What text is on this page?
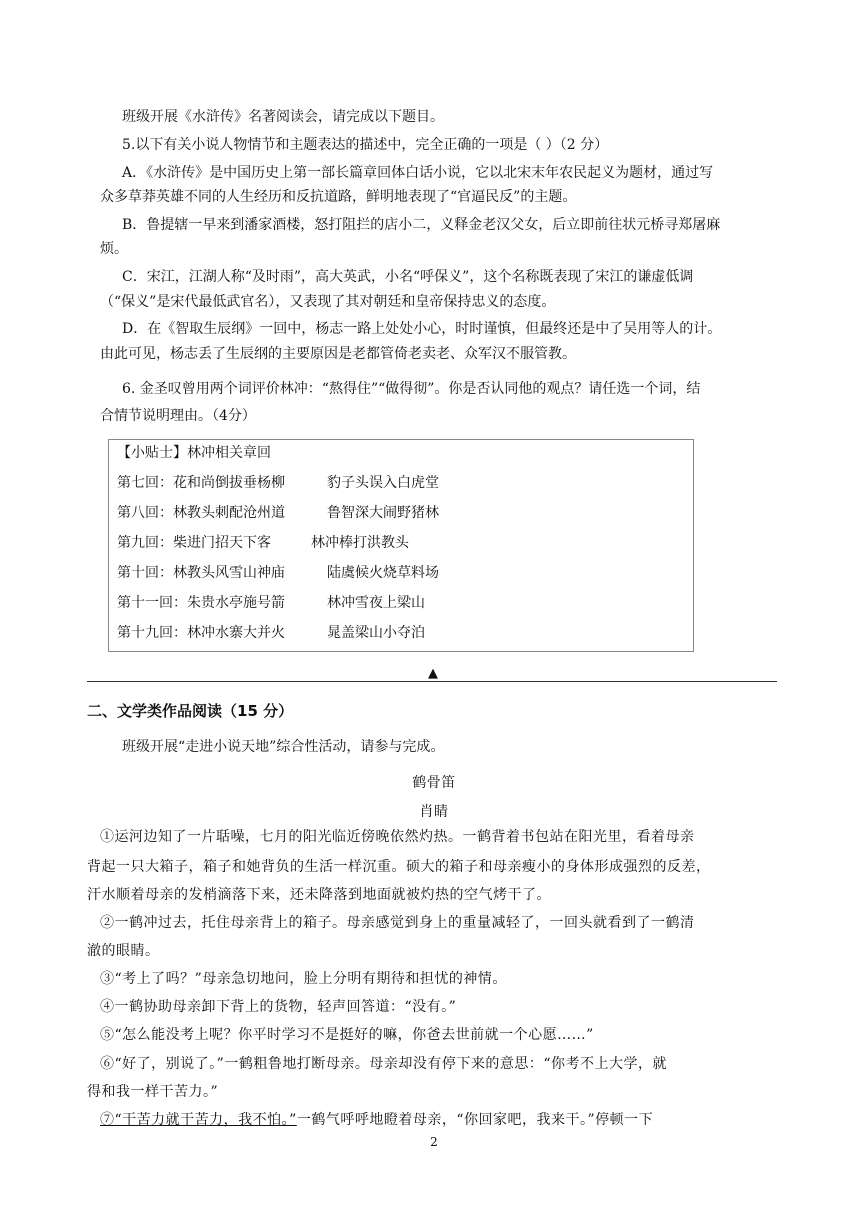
班级开展《水浒传》名著阅读会，请完成以下题目。
5.以下有关小说人物情节和主题表达的描述中，完全正确的一项是（ ）（2 分）
A．《水浒传》是中国历史上第一部长篇章回体白话小说，它以北宋末年农民起义为题材，通过写
众多草莽英雄不同的人生经历和反抗道路，鲜明地表现了“官逼民反”的主题。
B．鲁提辖一早来到潘家酒楼，怒打阻拦的店小二，义释金老汉父女，后立即前往状元桥寻郑屠麻
烦。
C．宋江，江湖人称“及时雨”，高大英武，小名“呼保义”，这个名称既表现了宋江的谦虚低调
（“保义”是宋代最低武官名），又表现了其对朝廷和皇帝保持忠义的态度。
D．在《智取生辰纲》一回中，杨志一路上处处小心，时时谨慎，但最终还是中了吴用等人的计。
由此可见，杨志丢了生辰纲的主要原因是老都管倚老卖老、众军汉不服管教。
6. 金圣叹曾用两个词评价林冲：“熬得住”“做得彻”。你是否认同他的观点？请任选一个词，结
合情节说明理由。（4分）
【小贴士】林冲相关章回
第七回：花和尚倒拔垂杨柳	豹子头误入白虎堂
第八回：林教头刺配沧州道	鲁智深大闹野猪林
第九回：柴进门招天下客	林冲棒打洪教头
第十回：林教头风雪山神庙	陆虞候火烧草料场
第十一回：朱贵水亭施号箭	林冲雪夜上梁山
第十九回：林冲水寨大并火	晁盖梁山小夺泊
▲
二、文学类作品阅读（15 分）
班级开展“走进小说天地”综合性活动，请参与完成。
鹤骨笛
肖睛
①运河边知了一片聒噪，七月的阳光临近傍晚依然灼热。一鹤背着书包站在阳光里，看着母亲
背起一只大箱子，箱子和她背负的生活一样沉重。硕大的箱子和母亲瘦小的身体形成强烈的反差，
汗水顺着母亲的发梢滴落下来，还未降落到地面就被灼热的空气烤干了。
②一鹤冲过去，托住母亲背上的箱子。母亲感觉到身上的重量减轻了，一回头就看到了一鹤清
澈的眼睛。
③“考上了吗？”母亲急切地问，脸上分明有期待和担忧的神情。
④一鹤协助母亲卸下背上的货物，轻声回答道：“没有。”
⑤“怎么能没考上呢？你平时学习不是挺好的嘛，你爸去世前就一个心愿……”
⑥“好了，别说了。”一鹤粗鲁地打断母亲。母亲却没有停下来的意思：“你考不上大学，就
得和我一样干苦力。”
⑦“干苦力就干苦力，我不怕。”一鹤气呼呼地瞪着母亲，“你回家吧，我来干。”停顿一下
2
